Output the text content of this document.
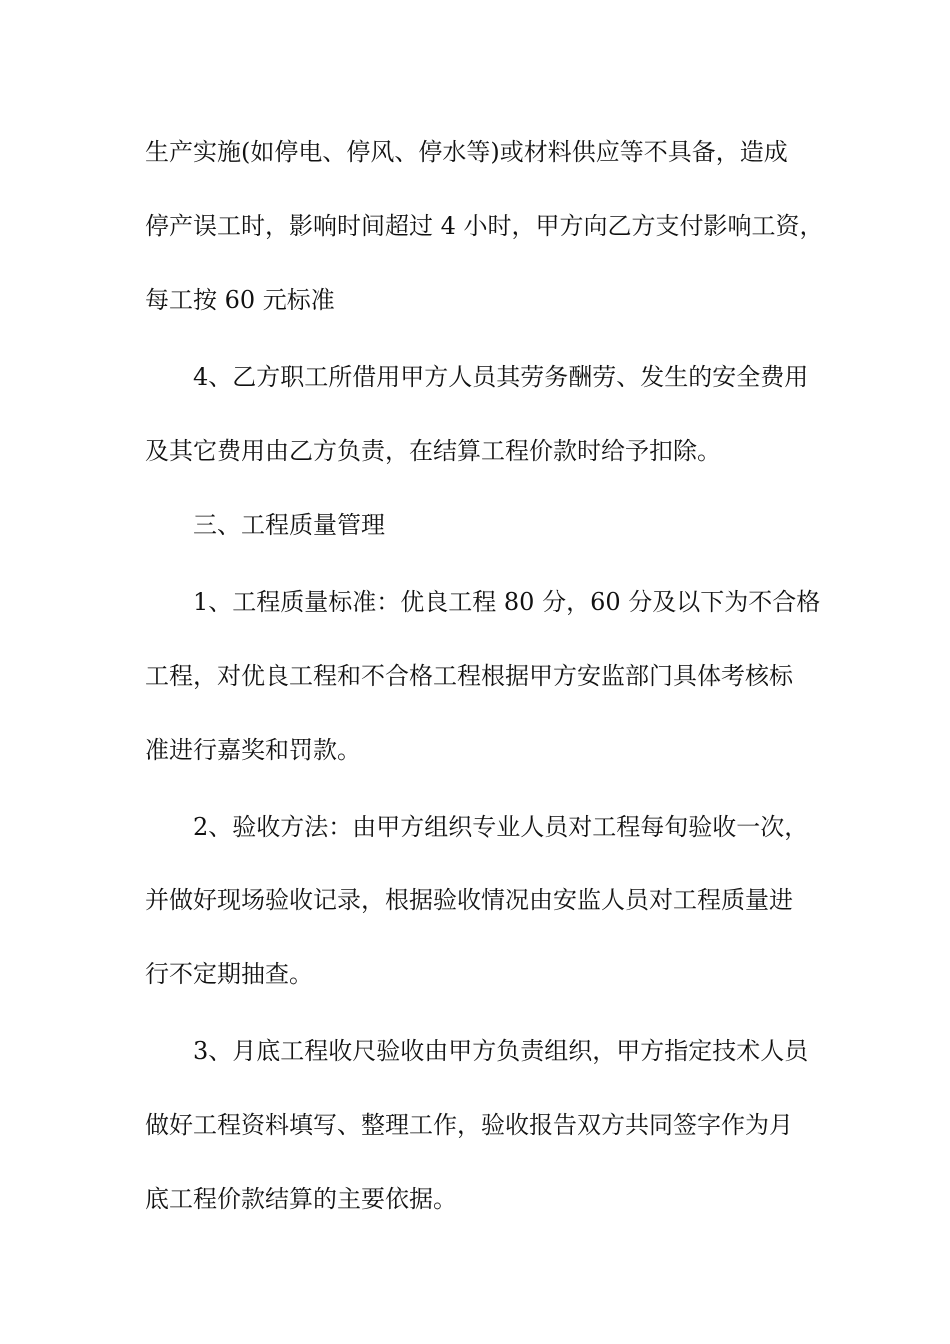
生产实施(如停电、停风、停水等)或材料供应等不具备，造成
停产误工时，影响时间超过 4 小时，甲方向乙方支付影响工资，
每工按 60 元标准
4、乙方职工所借用甲方人员其劳务酬劳、发生的安全费用
及其它费用由乙方负责，在结算工程价款时给予扣除。
三、工程质量管理
1、工程质量标准：优良工程 80 分，60 分及以下为不合格
工程，对优良工程和不合格工程根据甲方安监部门具体考核标
准进行嘉奖和罚款。
2、验收方法：由甲方组织专业人员对工程每旬验收一次，
并做好现场验收记录，根据验收情况由安监人员对工程质量进
行不定期抽查。
3、月底工程收尺验收由甲方负责组织，甲方指定技术人员
做好工程资料填写、整理工作，验收报告双方共同签字作为月
底工程价款结算的主要依据。
